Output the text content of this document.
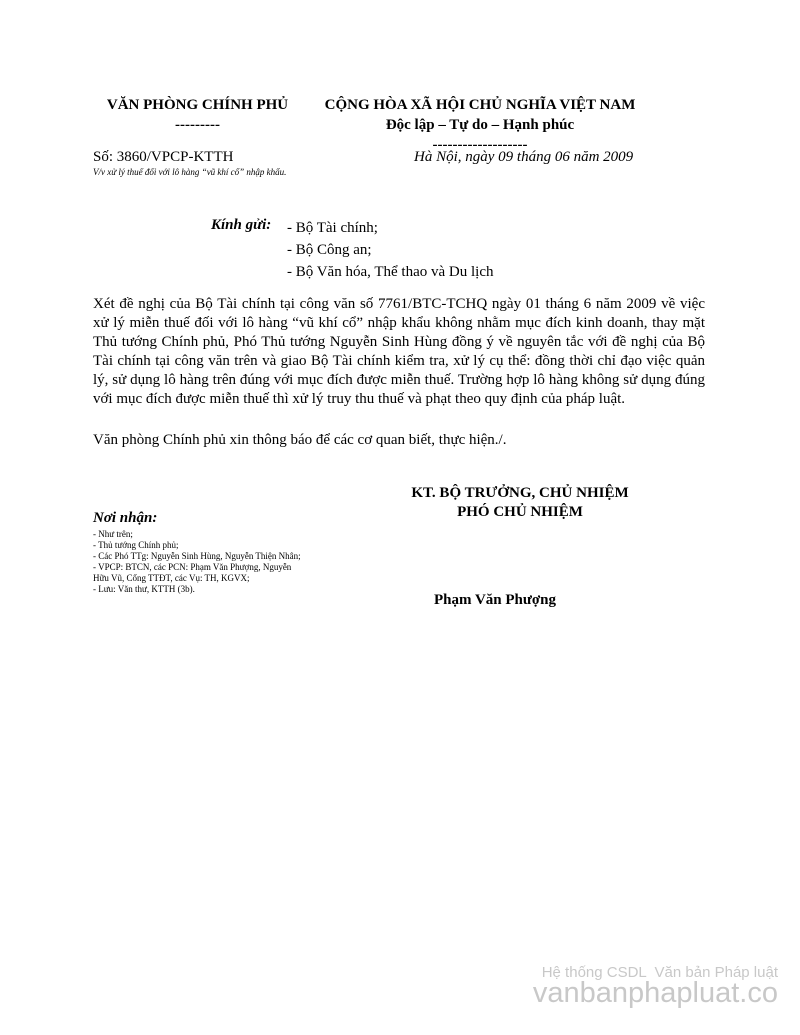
VĂN PHÒNG CHÍNH PHỦ
---------
CỘNG HÒA XÃ HỘI CHỦ NGHĨA VIỆT NAM
Độc lập – Tự do – Hạnh phúc
-------------------
Số: 3860/VPCP-KTTH
V/v xử lý thuế đối với lô hàng “vũ khí cổ” nhập khẩu.
Hà Nội, ngày 09 tháng 06 năm 2009
Kính gửi: - Bộ Tài chính;
- Bộ Công an;
- Bộ Văn hóa, Thể thao và Du lịch

Xét đề nghị của Bộ Tài chính tại công văn số 7761/BTC-TCHQ ngày 01 tháng 6 năm 2009 về việc xử lý miễn thuế đối với lô hàng “vũ khí cổ” nhập khẩu không nhằm mục đích kinh doanh, thay mặt Thủ tướng Chính phủ, Phó Thủ tướng Nguyễn Sinh Hùng đồng ý về nguyên tắc với đề nghị của Bộ Tài chính tại công văn trên và giao Bộ Tài chính kiểm tra, xử lý cụ thể: đồng thời chỉ đạo việc quản lý, sử dụng lô hàng trên đúng với mục đích được miễn thuế. Trường hợp lô hàng không sử dụng đúng với mục đích được miễn thuế thì xử lý truy thu thuế và phạt theo quy định của pháp luật.

Văn phòng Chính phủ xin thông báo để các cơ quan biết, thực hiện./.

KT. BỘ TRƯỞNG, CHỦ NHIỆM
PHÓ CHỦ NHIỆM
Phạm Văn Phượng
Nơi nhận:
- Như trên;
- Thủ tướng Chính phủ;
- Các Phó TTg: Nguyễn Sinh Hùng, Nguyễn Thiện Nhân;
- VPCP: BTCN, các PCN: Phạm Văn Phượng, Nguyễn Hữu Vũ, Cổng TTĐT, các Vụ: TH, KGVX;
- Lưu: Văn thư, KTTH (3b).
Hệ thống CSDL  Văn bản Pháp luật
vanbanphapluat.co
